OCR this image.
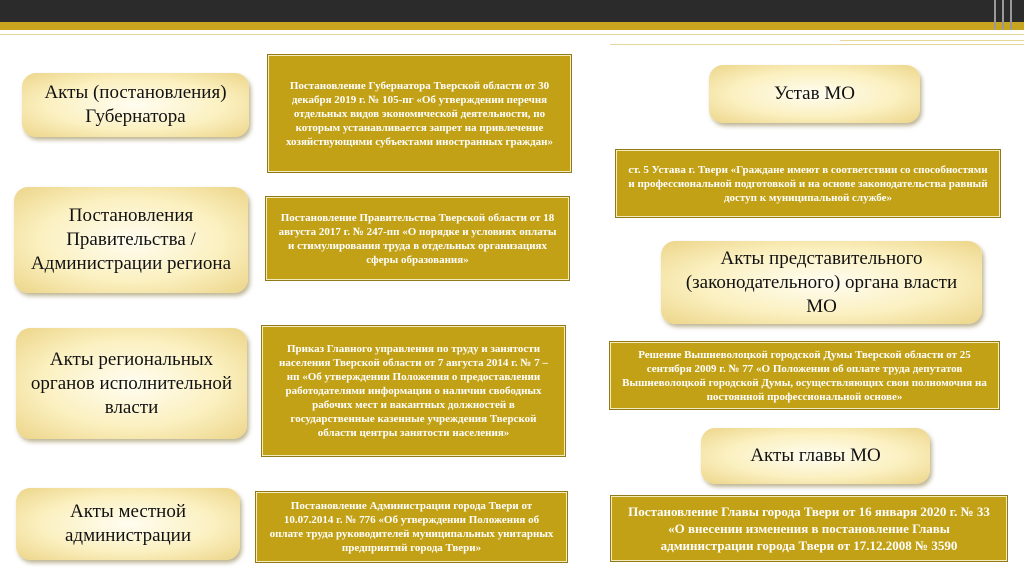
Акты (постановления) Губернатора
Постановление Губернатора Тверской области от 30 декабря 2019 г. № 105-пг «Об утверждении перечня отдельных видов экономической деятельности, по которым устанавливается запрет на привлечение хозяйствующими субъектами иностранных граждан»
Постановления Правительства / Администрации региона
Постановление Правительства Тверской области от 18 августа 2017 г. № 247-пп «О порядке и условиях оплаты и стимулирования труда в отдельных организациях сферы образования»
Акты региональных органов исполнительной власти
Приказ Главного управления по труду и занятости населения Тверской области от 7 августа 2014 г. № 7 – нп «Об утверждении Положения о предоставлении работодателями информации о наличии свободных рабочих мест и вакантных должностей в государственные казенные учреждения Тверской области центры занятости населения»
Акты местной администрации
Постановление Администрации города Твери от 10.07.2014 г. № 776 «Об утверждении Положения об оплате труда руководителей муниципальных унитарных предприятий города Твери»
Устав МО
ст. 5 Устава г. Твери «Граждане имеют в соответствии со способностями и профессиональной подготовкой и на основе законодательства равный доступ к муниципальной службе»
Акты представительного (законодательного) органа власти МО
Решение Вышневолоцкой городской Думы Тверской области от 25 сентября 2009 г. № 77 «О Положении об оплате труда депутатов Вышневолоцкой городской Думы, осуществляющих свои полномочия на постоянной профессиональной основе»
Акты главы МО
Постановление Главы города Твери от 16 января 2020 г. № 33 «О внесении изменения в постановление Главы администрации города Твери от 17.12.2008 № 3590
